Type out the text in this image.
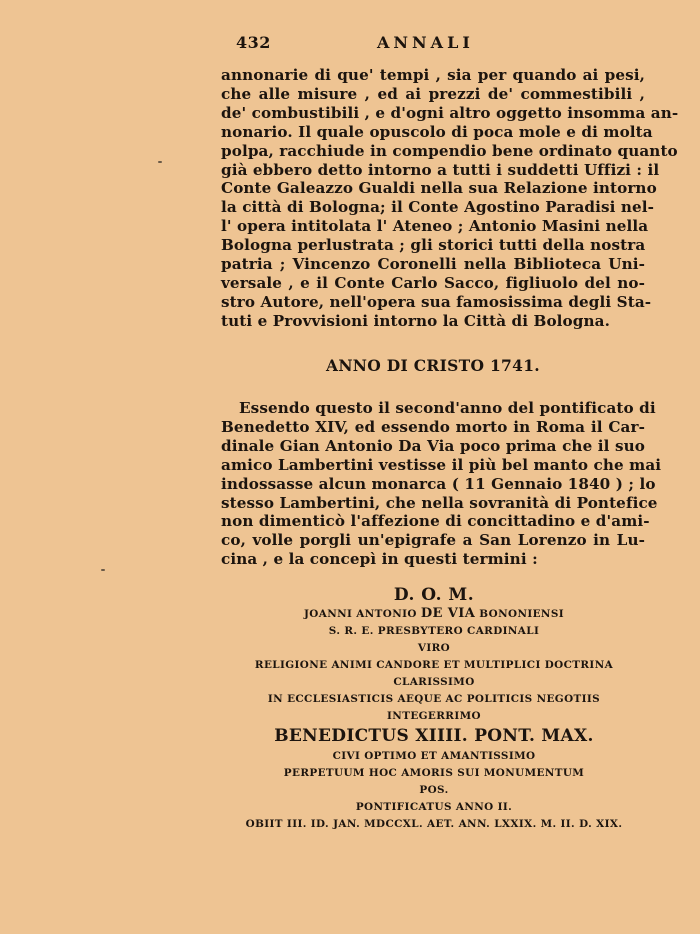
432	ANNALI
annonarie di que' tempi , sia per quando ai pesi,
che alle misure , ed ai prezzi de' commestibili ,
de' combustibili , e d'ogni altro oggetto insomma an-
nonario. Il quale opuscolo di poca mole e di molta
polpa, racchiude in compendio bene ordinato quanto
già ebbero detto intorno a tutti i suddetti Uffizi : il
Conte Galeazzo Gualdi nella sua Relazione intorno
la città di Bologna; il Conte Agostino Paradisi nel-
l' opera intitolata l' Ateneo ; Antonio Masini nella
Bologna perlustrata ; gli storici tutti della nostra
patria ; Vincenzo Coronelli nella Biblioteca Uni-
versale , e il Conte Carlo Sacco, figliuolo del no-
stro Autore, nell'opera sua famosissima degli Sta-
tuti e Provvisioni intorno la Città di Bologna.
ANNO DI CRISTO 1741.
Essendo questo il second'anno del pontificato di
Benedetto XIV, ed essendo morto in Roma il Car-
dinale Gian Antonio Da Via poco prima che il suo
amico Lambertini vestisse il più bel manto che mai
indossasse alcun monarca ( 11 Gennaio 1840 ) ; lo
stesso Lambertini, che nella sovranità di Pontefice
non dimenticò l'affezione di concittadino e d'ami-
co, volle porgli un'epigrafe a San Lorenzo in Lu-
cina , e la concepì in questi termini :
D. O. M.
JOANNI ANTONIO DE VIA BONONIENSI
S. R. E. PRESBYTERO CARDINALI
VIRO
RELIGIONE ANIMI CANDORE ET MULTIPLICI DOCTRINA
CLARISSIMO
IN ECCLESIASTICIS AEQUE AC POLITICIS NEGOTIIS
INTEGERRIMO
BENEDICTUS XIIII. PONT. MAX.
CIVI OPTIMO ET AMANTISSIMO
PERPETUUM HOC AMORIS SUI MONUMENTUM
POS.
PONTIFICATUS ANNO II.
OBIIT III. ID. JAN. MDCCXL. AET. ANN. LXXIX. M. II. D. XIX.
